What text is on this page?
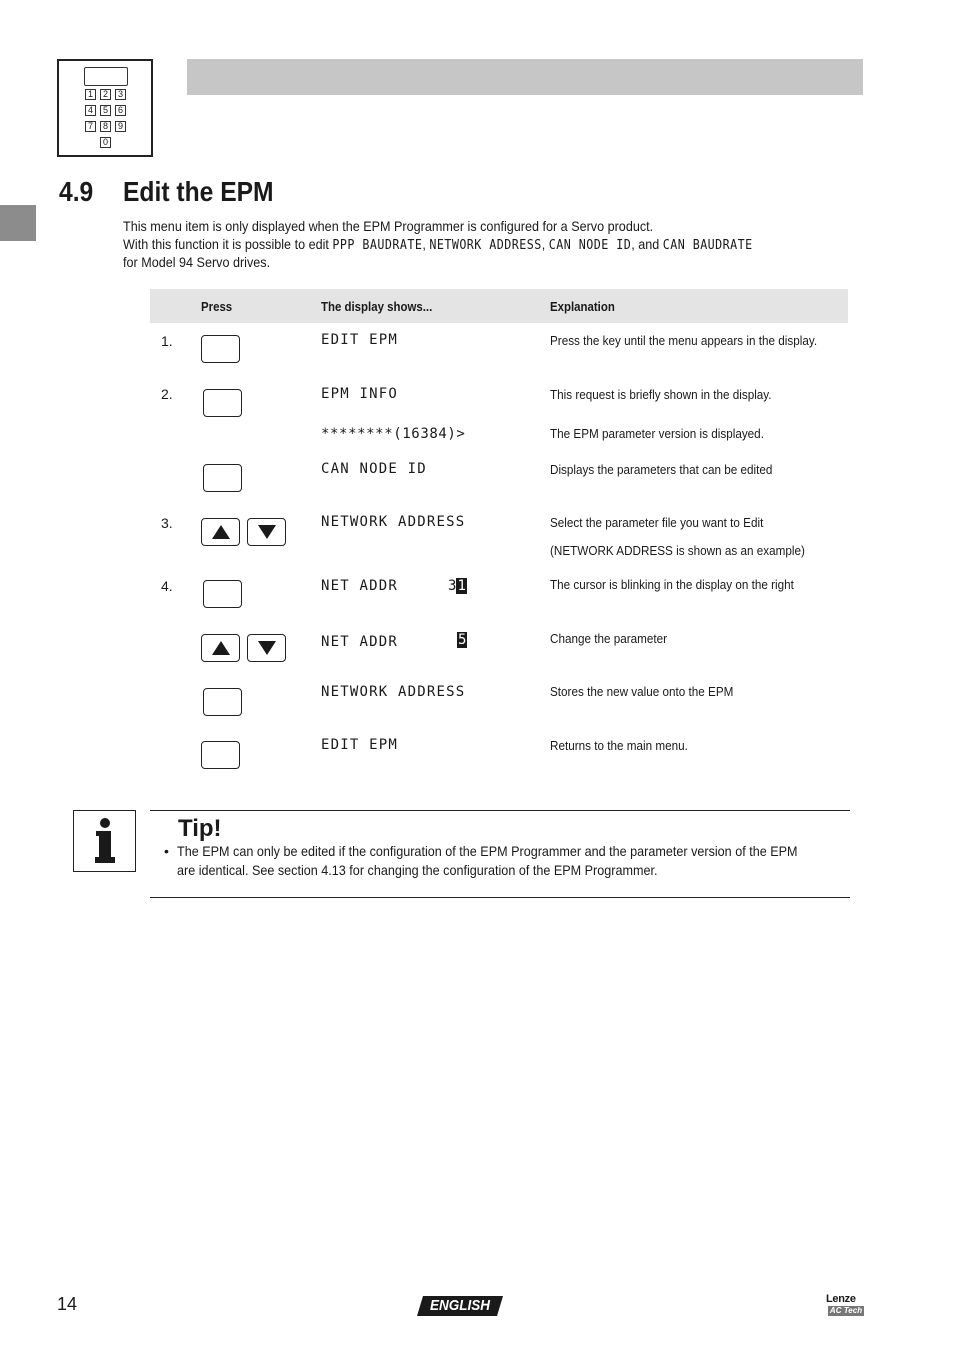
1	2	3
4	5	6
7	8	9
0
4.9 Edit the EPM
This menu item is only displayed when the EPM Programmer is configured for a Servo product.
With this function it is possible to edit PPP BAUDRATE, NETWORK ADDRESS, CAN NODE ID, and CAN BAUDRATE
for Model 94 Servo drives.
Press	The display shows...	Explanation
1.	EDIT EPM	Press the key until the menu appears in the display.
2.	EPM INFO	This request is briefly shown in the display.
********(16384)>	The EPM parameter version is displayed.
CAN NODE ID	Displays the parameters that can be edited
3.	NETWORK ADDRESS	Select the parameter file you want to Edit
(NETWORK ADDRESS is shown as an example)
4.	NET ADDR	31	The cursor is blinking in the display on the right
NET ADDR	5	Change the parameter
NETWORK ADDRESS	Stores the new value onto the EPM
EDIT EPM	Returns to the main menu.
Tip!
• The EPM can only be edited if the configuration of the EPM Programmer and the parameter version of the EPM
are identical. See section 4.13 for changing the configuration of the EPM Programmer.
14	ENGLISH	Lenze
AC Tech
